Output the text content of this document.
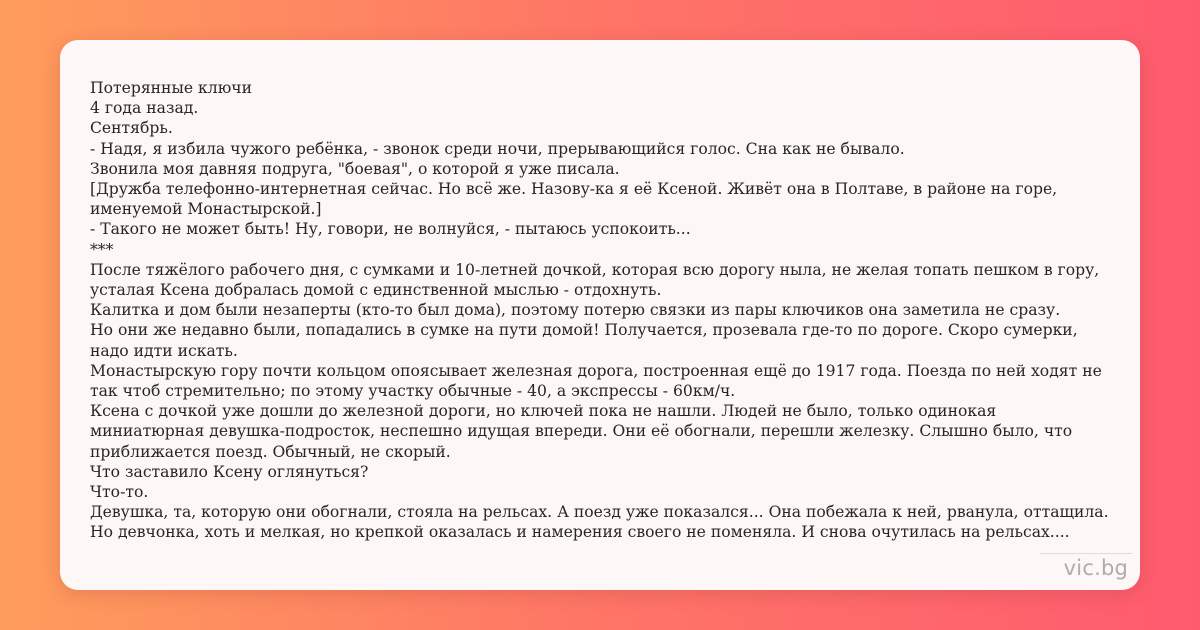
Потерянные ключи
4 года назад.
Сентябрь.
- Надя, я избила чужого ребёнка, - звонок среди ночи, прерывающийся голос. Сна как не бывало.
Звонила моя давняя подруга, "боевая", о которой я уже писала.
[Дружба телефонно-интернетная сейчас. Но всё же. Назову-ка я её Ксеной. Живёт она в Полтаве, в районе на горе,
именуемой Монастырской.]
- Такого не может быть! Ну, говори, не волнуйся, - пытаюсь успокоить...
***
После тяжёлого рабочего дня, с сумками и 10-летней дочкой, которая всю дорогу ныла, не желая топать пешком в гору,
усталая Ксена добралась домой с единственной мыслью - отдохнуть.
Калитка и дом были незаперты (кто-то был дома), поэтому потерю связки из пары ключиков она заметила не сразу.
Но они же недавно были, попадались в сумке на пути домой! Получается, прозевала где-то по дороге. Скоро сумерки,
надо идти искать.
Монастырскую гору почти кольцом опоясывает железная дорога, построенная ещё до 1917 года. Поезда по ней ходят не
так чтоб стремительно; по этому участку обычные - 40, а экспрессы - 60км/ч.
Ксена с дочкой уже дошли до железной дороги, но ключей пока не нашли. Людей не было, только одинокая
миниатюрная девушка-подросток, неспешно идущая впереди. Они её обогнали, перешли железку. Слышно было, что
приближается поезд. Обычный, не скорый.
Что заставило Ксену оглянуться?
Что-то.
Девушка, та, которую они обогнали, стояла на рельсах. А поезд уже показался... Она побежала к ней, рванула, оттащила.
Но девчонка, хоть и мелкая, но крепкой оказалась и намерения своего не поменяла. И снова очутилась на рельсах....
vic.bg
